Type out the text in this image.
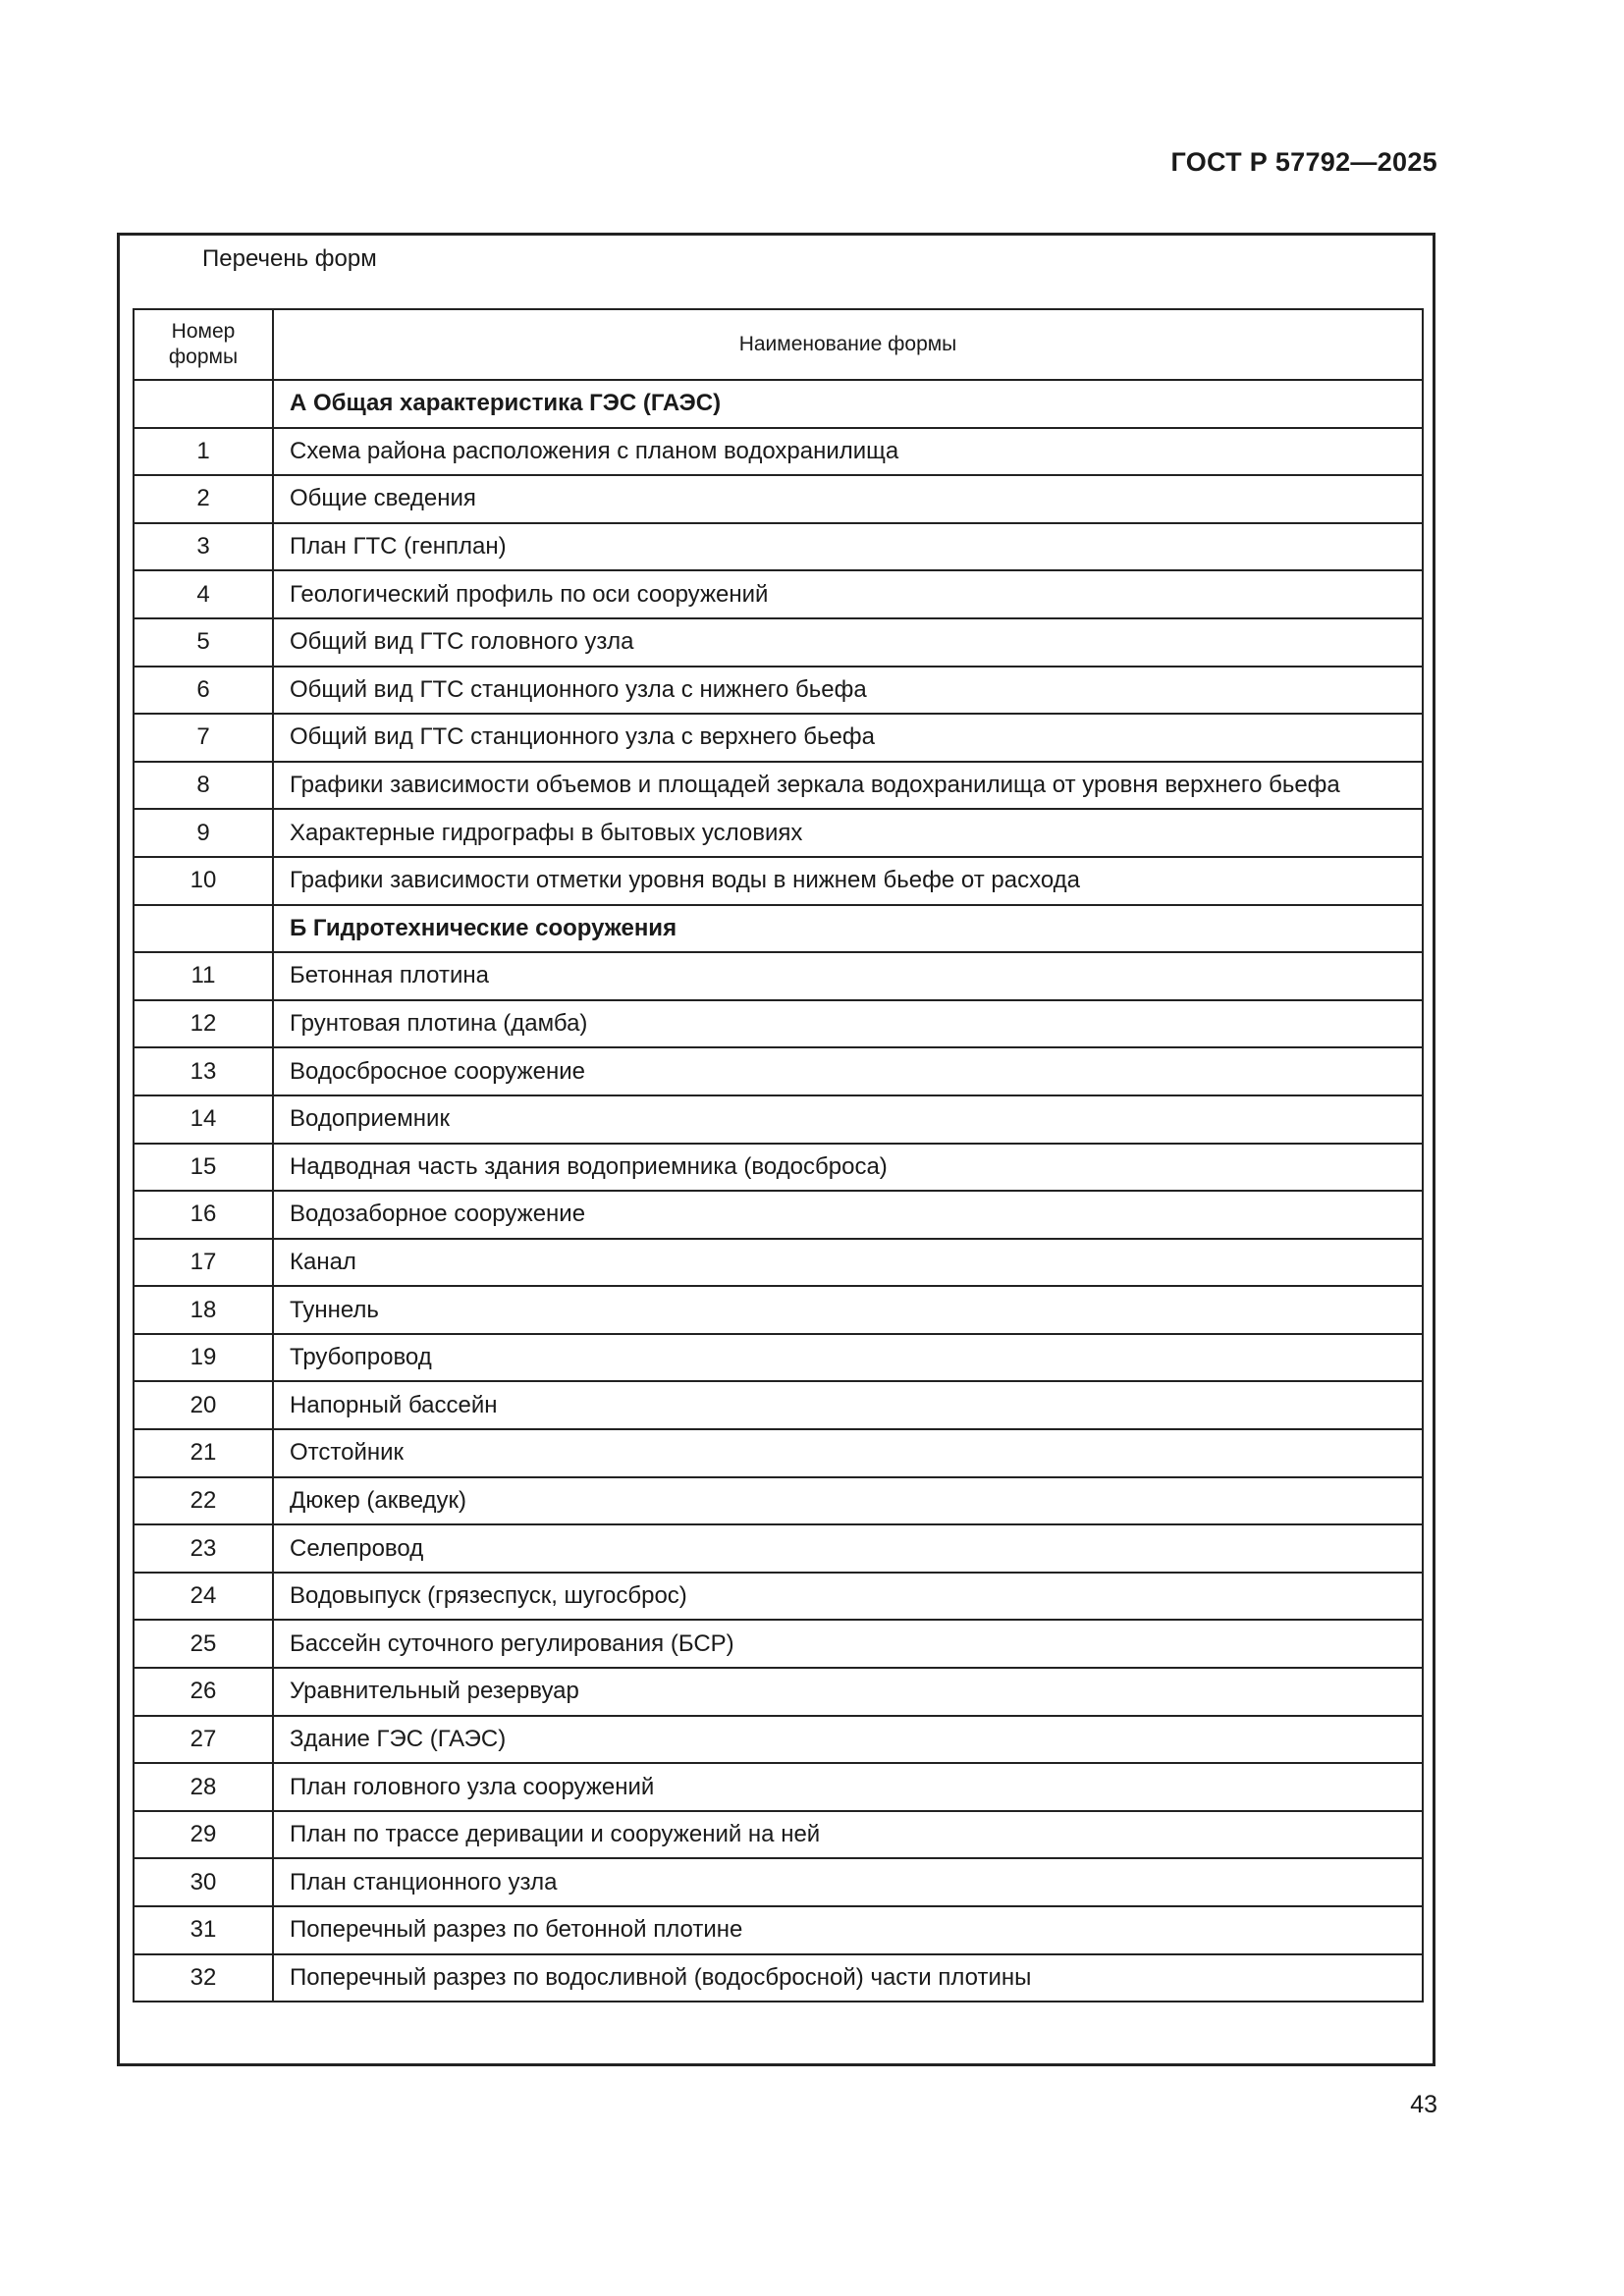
ГОСТ Р 57792—2025
Перечень форм
Номер формы	Наименование формы
	А Общая характеристика ГЭС (ГАЭС)
1	Схема района расположения с планом водохранилища
2	Общие сведения
3	План ГТС (генплан)
4	Геологический профиль по оси сооружений
5	Общий вид ГТС головного узла
6	Общий вид ГТС станционного узла с нижнего бьефа
7	Общий вид ГТС станционного узла с верхнего бьефа
8	Графики зависимости объемов и площадей зеркала водохранилища от уровня верхнего бьефа
9	Характерные гидрографы в бытовых условиях
10	Графики зависимости отметки уровня воды в нижнем бьефе от расхода
	Б Гидротехнические сооружения
11	Бетонная плотина
12	Грунтовая плотина (дамба)
13	Водосбросное сооружение
14	Водоприемник
15	Надводная часть здания водоприемника (водосброса)
16	Водозаборное сооружение
17	Канал
18	Туннель
19	Трубопровод
20	Напорный бассейн
21	Отстойник
22	Дюкер (акведук)
23	Селепровод
24	Водовыпуск (грязеспуск, шугосброс)
25	Бассейн суточного регулирования (БСР)
26	Уравнительный резервуар
27	Здание ГЭС (ГАЭС)
28	План головного узла сооружений
29	План по трассе деривации и сооружений на ней
30	План станционного узла
31	Поперечный разрез по бетонной плотине
32	Поперечный разрез по водосливной (водосбросной) части плотины
43
